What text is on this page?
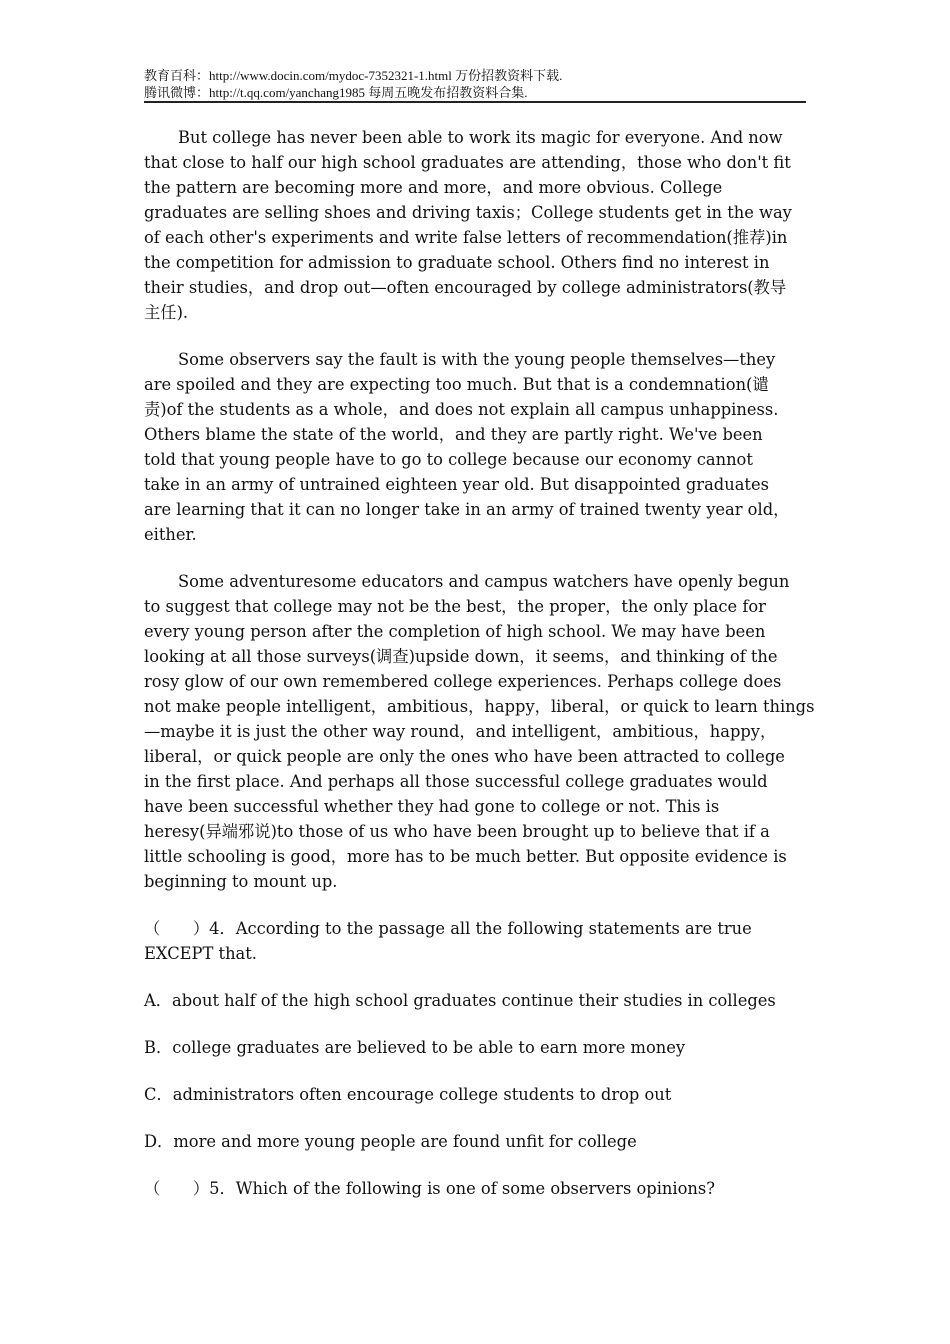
教育百科：http://www.docin.com/mydoc-7352321-1.html 万份招教资料下载.
腾讯微博：http://t.qq.com/yanchang1985 每周五晚发布招教资料合集.
But college has never been able to work its magic for everyone. And now
that close to half our high school graduates are attending，those who don't fit
the pattern are becoming more and more，and more obvious. College
graduates are selling shoes and driving taxis；College students get in the way
of each other's experiments and write false letters of recommendation(推荐)in
the competition for admission to graduate school. Others find no interest in
their studies，and drop out—often encouraged by college administrators(教导
主任).
Some observers say the fault is with the young people themselves—they
are spoiled and they are expecting too much. But that is a condemnation(谴
责)of the students as a whole，and does not explain all campus unhappiness.
Others blame the state of the world，and they are partly right. We've been
told that young people have to go to college because our economy cannot
take in an army of untrained eighteen year old. But disappointed graduates
are learning that it can no longer take in an army of trained twenty year old，
either.
Some adventuresome educators and campus watchers have openly begun
to suggest that college may not be the best，the proper，the only place for
every young person after the completion of high school. We may have been
looking at all those surveys(调查)upside down，it seems，and thinking of the
rosy glow of our own remembered college experiences. Perhaps college does
not make people intelligent，ambitious，happy，liberal，or quick to learn things
—maybe it is just the other way round，and intelligent，ambitious，happy，
liberal，or quick people are only the ones who have been attracted to college
in the first place. And perhaps all those successful college graduates would
have been successful whether they had gone to college or not. This is
heresy(异端邪说)to those of us who have been brought up to believe that if a
little schooling is good，more has to be much better. But opposite evidence is
beginning to mount up.
（　　）4．According to the passage all the following statements are true
EXCEPT that.
A．about half of the high school graduates continue their studies in colleges
B．college graduates are believed to be able to earn more money
C．administrators often encourage college students to drop out
D．more and more young people are found unfit for college
（　　）5．Which of the following is one of some observers opinions?
